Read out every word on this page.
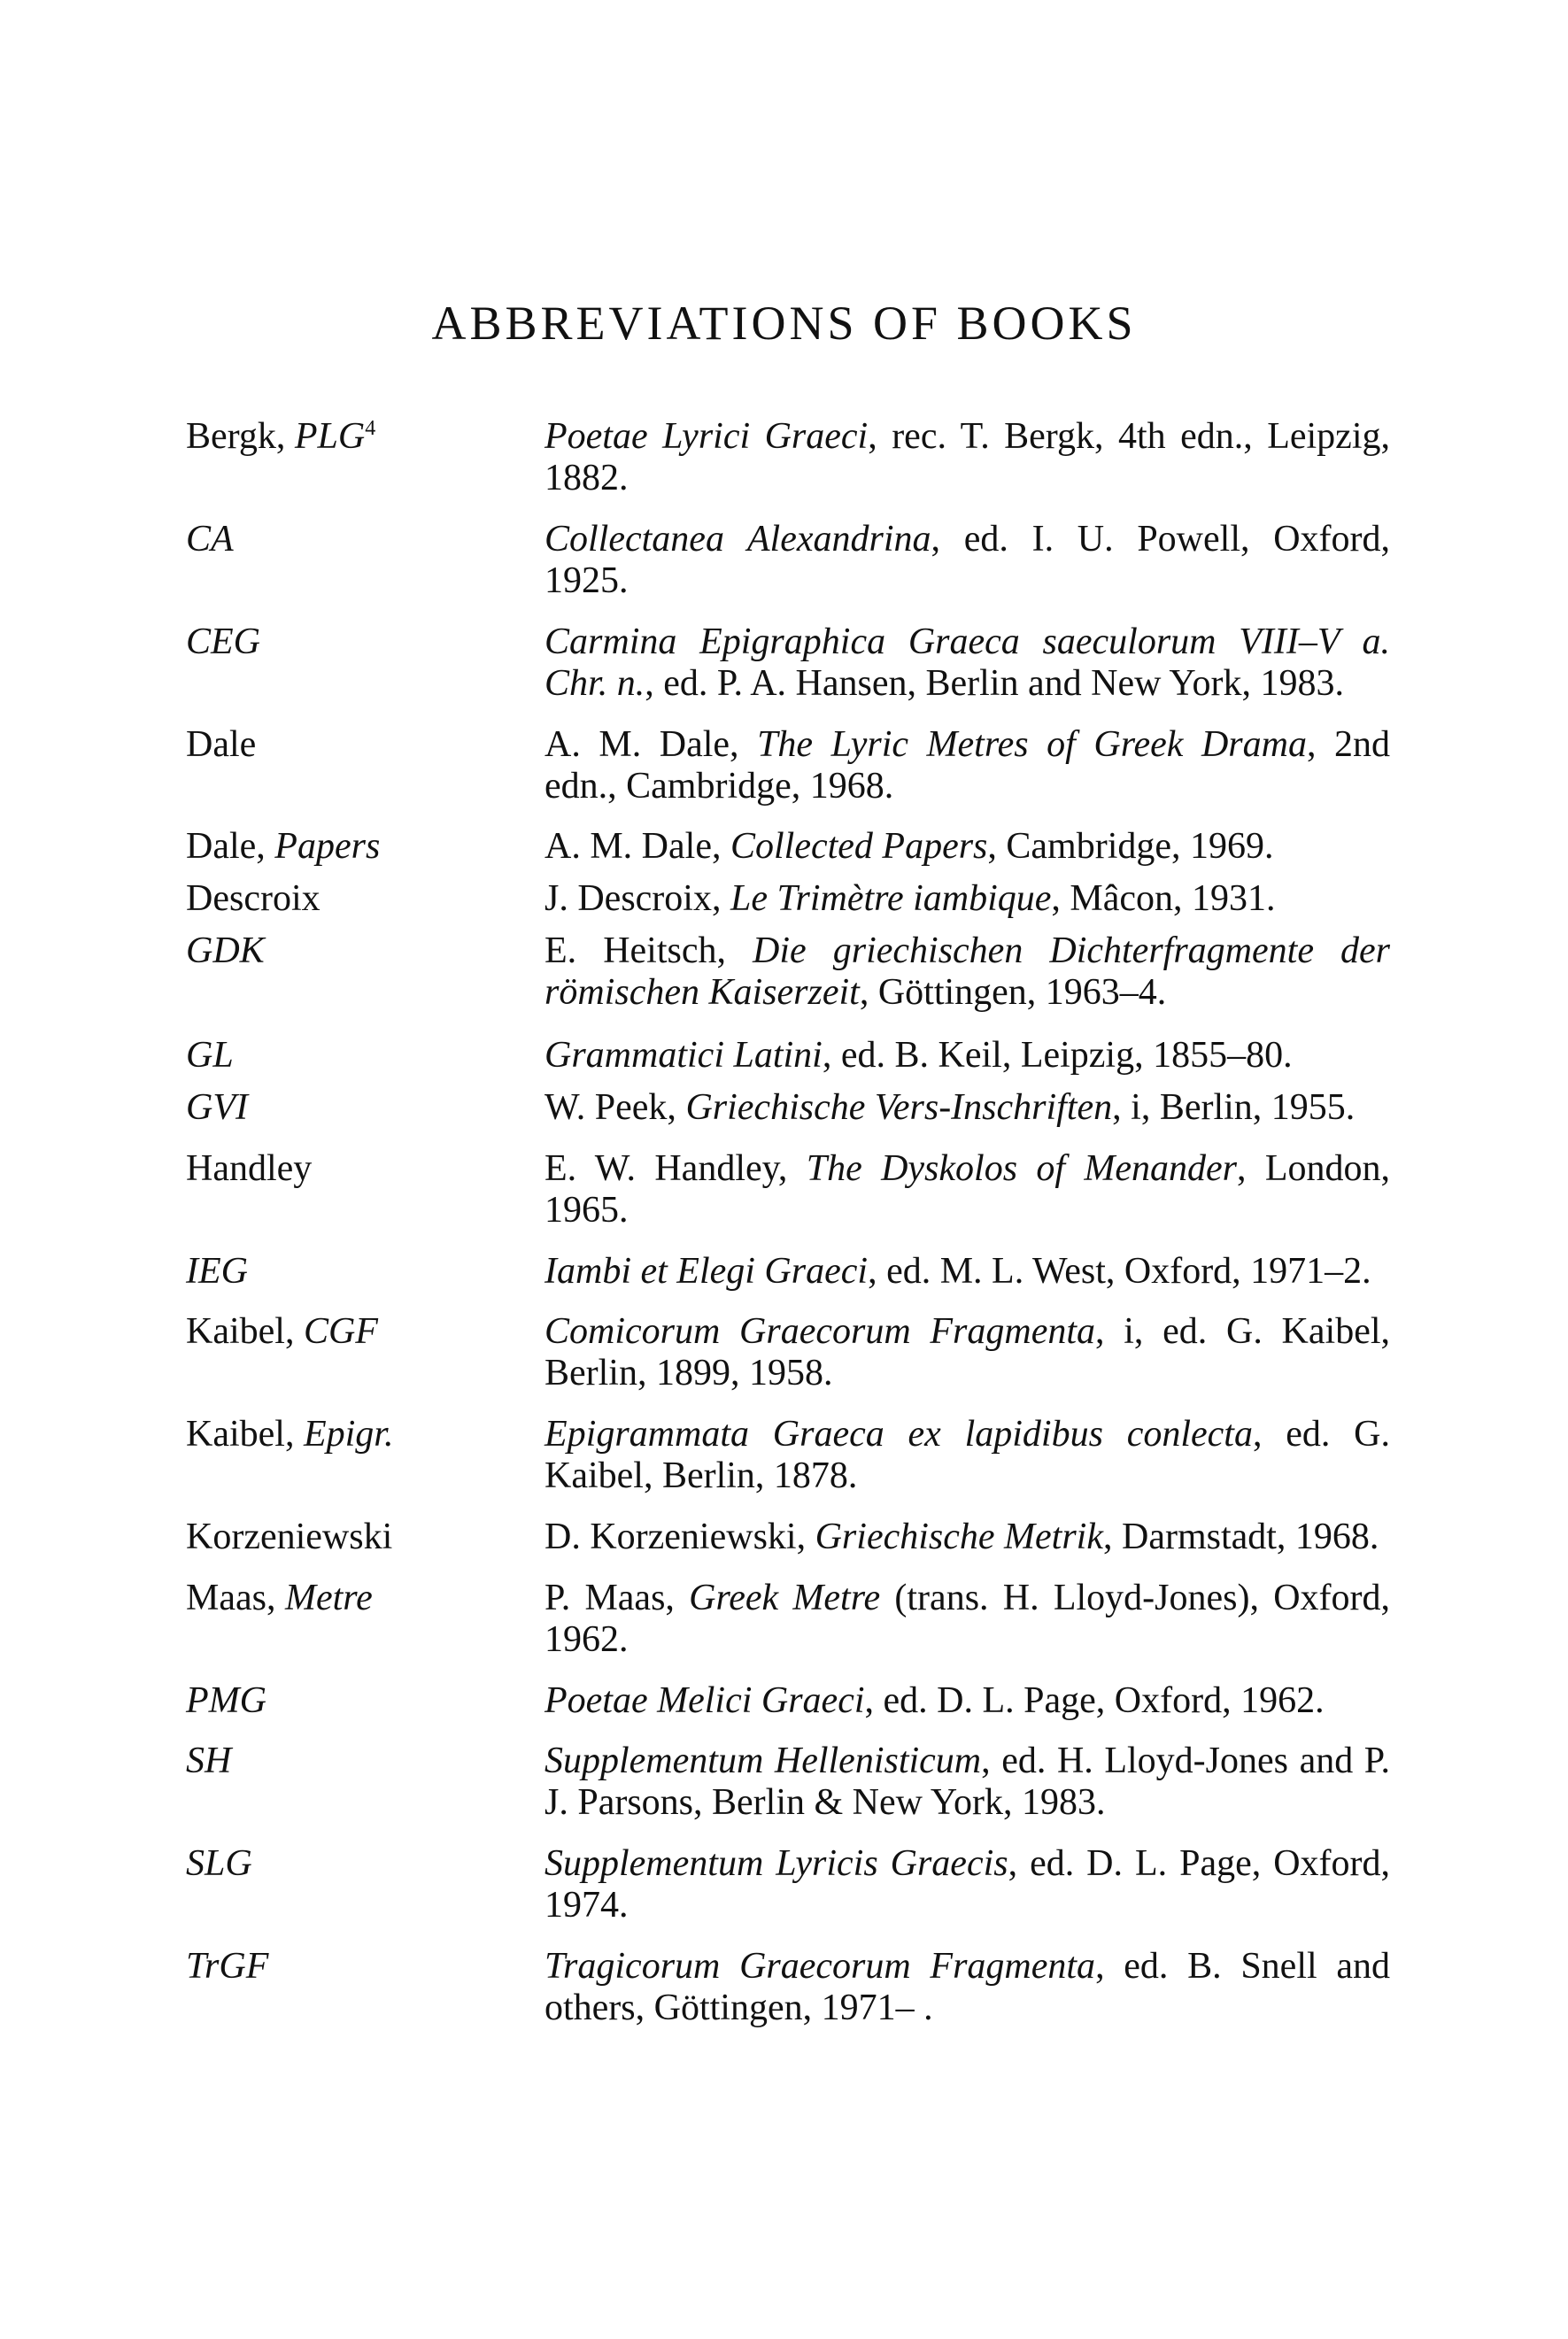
ABBREVIATIONS OF BOOKS
Bergk, PLG$^4$	Poetae Lyrici Graeci, rec. T. Bergk, 4th edn., Leipzig, 1882.
CA	Collectanea Alexandrina, ed. I. U. Powell, Oxford, 1925.
CEG	Carmina Epigraphica Graeca saeculorum VIII–V a. Chr. n., ed. P. A. Hansen, Berlin and New York, 1983.
Dale	A. M. Dale, The Lyric Metres of Greek Drama, 2nd edn., Cambridge, 1968.
Dale, Papers	A. M. Dale, Collected Papers, Cambridge, 1969.
Descroix	J. Descroix, Le Trimètre iambique, Mâcon, 1931.
GDK	E. Heitsch, Die griechischen Dichterfragmente der römischen Kaiserzeit, Göttingen, 1963–4.
GL	Grammatici Latini, ed. B. Keil, Leipzig, 1855–80.
GVI	W. Peek, Griechische Vers-Inschriften, i, Berlin, 1955.
Handley	E. W. Handley, The Dyskolos of Menander, London, 1965.
IEG	Iambi et Elegi Graeci, ed. M. L. West, Oxford, 1971–2.
Kaibel, CGF	Comicorum Graecorum Fragmenta, i, ed. G. Kaibel, Berlin, 1899, 1958.
Kaibel, Epigr.	Epigrammata Graeca ex lapidibus conlecta, ed. G. Kaibel, Berlin, 1878.
Korzeniewski	D. Korzeniewski, Griechische Metrik, Darmstadt, 1968.
Maas, Metre	P. Maas, Greek Metre (trans. H. Lloyd-Jones), Oxford, 1962.
PMG	Poetae Melici Graeci, ed. D. L. Page, Oxford, 1962.
SH	Supplementum Hellenisticum, ed. H. Lloyd-Jones and P. J. Parsons, Berlin & New York, 1983.
SLG	Supplementum Lyricis Graecis, ed. D. L. Page, Oxford, 1974.
TrGF	Tragicorum Graecorum Fragmenta, ed. B. Snell and others, Göttingen, 1971– .
